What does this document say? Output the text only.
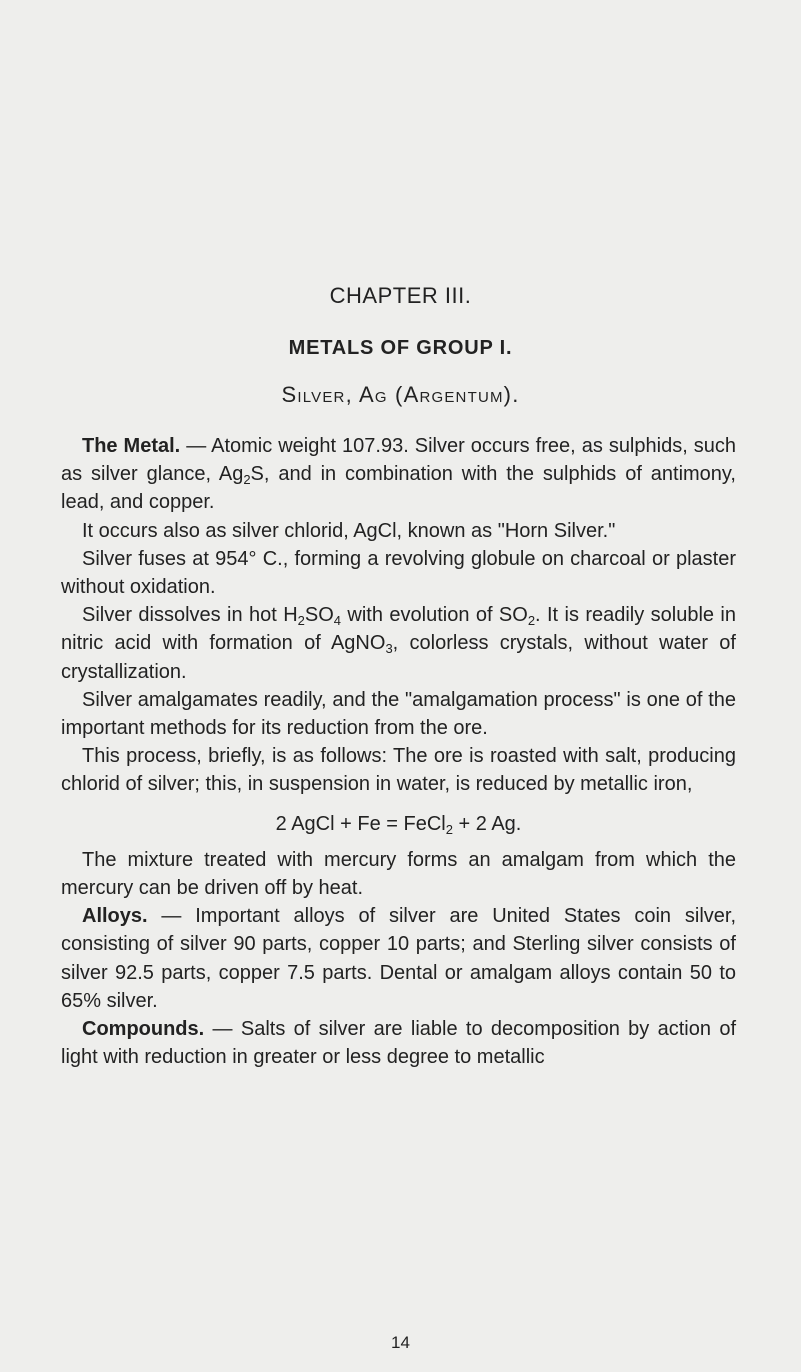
CHAPTER III.
METALS OF GROUP I.
Silver, Ag (Argentum).

The Metal. — Atomic weight 107.93. Silver occurs free, as sulphids, such as silver glance, $Ag_2S$, and in combination with the sulphids of antimony, lead, and copper.

It occurs also as silver chlorid, AgCl, known as "Horn Silver."

Silver fuses at 954° C., forming a revolving globule on charcoal or plaster without oxidation.

Silver dissolves in hot $H_2SO_4$ with evolution of $SO_2$. It is readily soluble in nitric acid with formation of AgNO$_3$, colorless crystals, without water of crystallization.

Silver amalgamates readily, and the "amalgamation process" is one of the important methods for its reduction from the ore.

This process, briefly, is as follows: The ore is roasted with salt, producing chlorid of silver; this, in suspension in water, is reduced by metallic iron,

2 AgCl + Fe = FeCl$_2$ + 2 Ag.

The mixture treated with mercury forms an amalgam from which the mercury can be driven off by heat.

Alloys. — Important alloys of silver are United States coin silver, consisting of silver 90 parts, copper 10 parts; and Sterling silver consists of silver 92.5 parts, copper 7.5 parts. Dental or amalgam alloys contain 50 to 65% silver.

Compounds. — Salts of silver are liable to decomposition by action of light with reduction in greater or less degree to metallic

14
